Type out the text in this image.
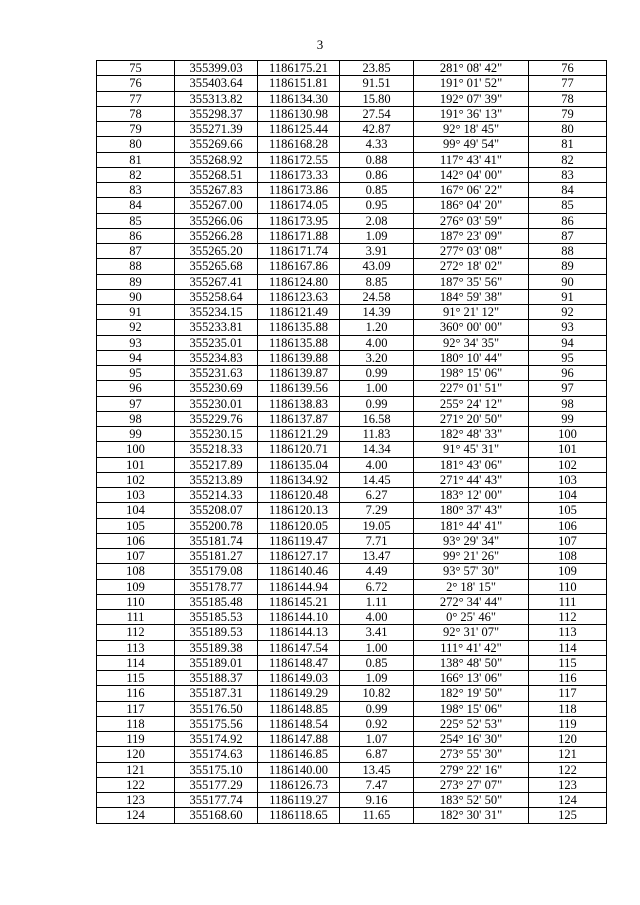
3
75	355399.03	1186175.21	23.85	281° 08' 42"	76
76	355403.64	1186151.81	91.51	191° 01' 52"	77
77	355313.82	1186134.30	15.80	192° 07' 39"	78
78	355298.37	1186130.98	27.54	191° 36' 13"	79
79	355271.39	1186125.44	42.87	92° 18' 45"	80
80	355269.66	1186168.28	4.33	99° 49' 54"	81
81	355268.92	1186172.55	0.88	117° 43' 41"	82
82	355268.51	1186173.33	0.86	142° 04' 00"	83
83	355267.83	1186173.86	0.85	167° 06' 22"	84
84	355267.00	1186174.05	0.95	186° 04' 20"	85
85	355266.06	1186173.95	2.08	276° 03' 59"	86
86	355266.28	1186171.88	1.09	187° 23' 09"	87
87	355265.20	1186171.74	3.91	277° 03' 08"	88
88	355265.68	1186167.86	43.09	272° 18' 02"	89
89	355267.41	1186124.80	8.85	187° 35' 56"	90
90	355258.64	1186123.63	24.58	184° 59' 38"	91
91	355234.15	1186121.49	14.39	91° 21' 12"	92
92	355233.81	1186135.88	1.20	360° 00' 00"	93
93	355235.01	1186135.88	4.00	92° 34' 35"	94
94	355234.83	1186139.88	3.20	180° 10' 44"	95
95	355231.63	1186139.87	0.99	198° 15' 06"	96
96	355230.69	1186139.56	1.00	227° 01' 51"	97
97	355230.01	1186138.83	0.99	255° 24' 12"	98
98	355229.76	1186137.87	16.58	271° 20' 50"	99
99	355230.15	1186121.29	11.83	182° 48' 33"	100
100	355218.33	1186120.71	14.34	91° 45' 31"	101
101	355217.89	1186135.04	4.00	181° 43' 06"	102
102	355213.89	1186134.92	14.45	271° 44' 43"	103
103	355214.33	1186120.48	6.27	183° 12' 00"	104
104	355208.07	1186120.13	7.29	180° 37' 43"	105
105	355200.78	1186120.05	19.05	181° 44' 41"	106
106	355181.74	1186119.47	7.71	93° 29' 34"	107
107	355181.27	1186127.17	13.47	99° 21' 26"	108
108	355179.08	1186140.46	4.49	93° 57' 30"	109
109	355178.77	1186144.94	6.72	2° 18' 15"	110
110	355185.48	1186145.21	1.11	272° 34' 44"	111
111	355185.53	1186144.10	4.00	0° 25' 46"	112
112	355189.53	1186144.13	3.41	92° 31' 07"	113
113	355189.38	1186147.54	1.00	111° 41' 42"	114
114	355189.01	1186148.47	0.85	138° 48' 50"	115
115	355188.37	1186149.03	1.09	166° 13' 06"	116
116	355187.31	1186149.29	10.82	182° 19' 50"	117
117	355176.50	1186148.85	0.99	198° 15' 06"	118
118	355175.56	1186148.54	0.92	225° 52' 53"	119
119	355174.92	1186147.88	1.07	254° 16' 30"	120
120	355174.63	1186146.85	6.87	273° 55' 30"	121
121	355175.10	1186140.00	13.45	279° 22' 16"	122
122	355177.29	1186126.73	7.47	273° 27' 07"	123
123	355177.74	1186119.27	9.16	183° 52' 50"	124
124	355168.60	1186118.65	11.65	182° 30' 31"	125
